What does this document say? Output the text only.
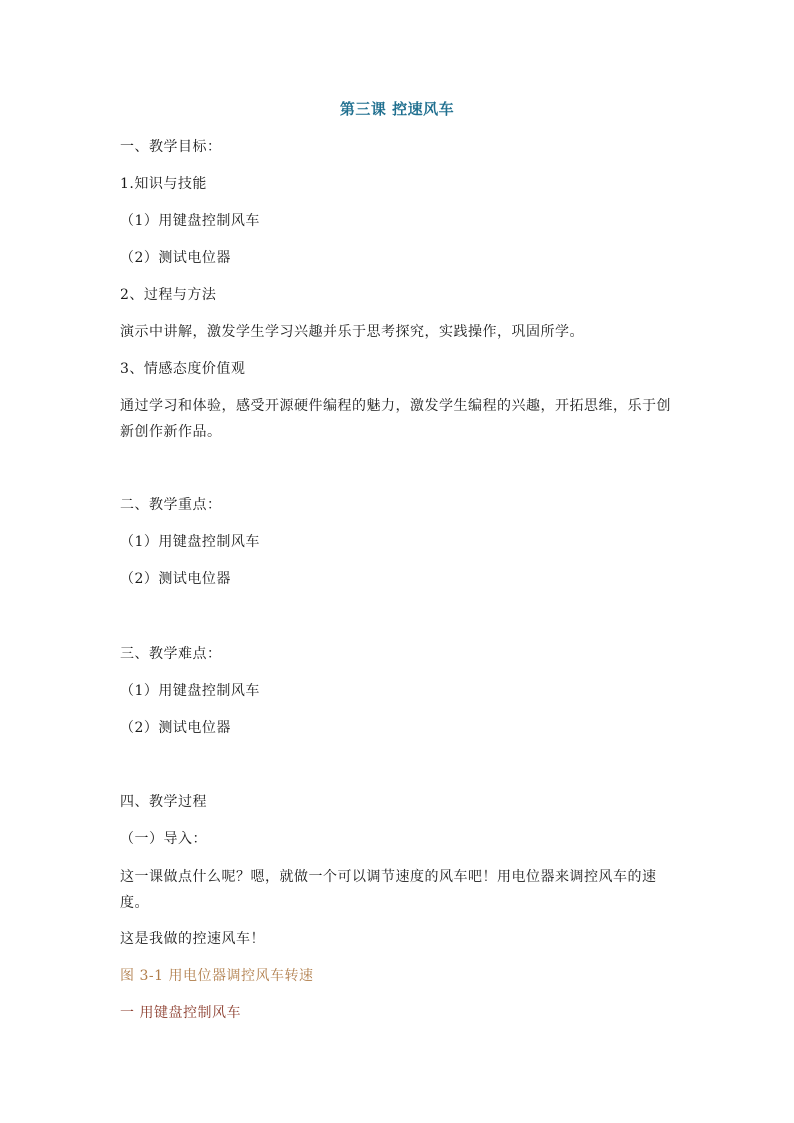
第三课 控速风车
一、教学目标：
1.知识与技能
（1）用键盘控制风车
（2）测试电位器
2、过程与方法
演示中讲解，激发学生学习兴趣并乐于思考探究，实践操作，巩固所学。
3、情感态度价值观
通过学习和体验，感受开源硬件编程的魅力，激发学生编程的兴趣，开拓思维，乐于创新创作新作品。
二、教学重点：
（1）用键盘控制风车
（2）测试电位器
三、教学难点：
（1）用键盘控制风车
（2）测试电位器
四、教学过程
（一）导入：
这一课做点什么呢？嗯，就做一个可以调节速度的风车吧！用电位器来调控风车的速度。
这是我做的控速风车！
图 3-1 用电位器调控风车转速
一 用键盘控制风车
